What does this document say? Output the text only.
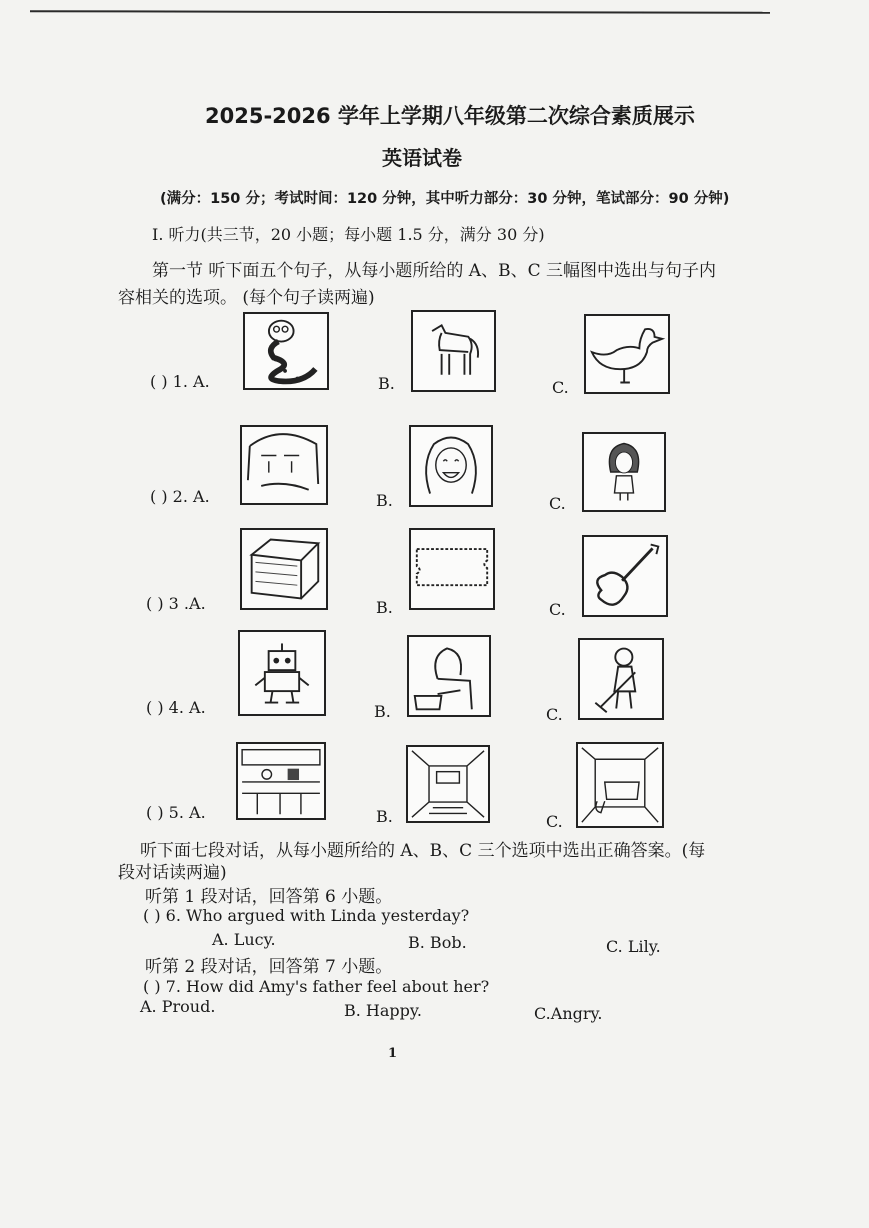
2025-2026 学年上学期八年级第二次综合素质展示
英语试卷
(满分：150 分；考试时间：120 分钟，其中听力部分：30 分钟，笔试部分：90 分钟)
I. 听力(共三节，20 小题；每小题 1.5 分，满分 30 分)
第一节 听下面五个句子，从每小题所给的 A、B、C 三幅图中选出与句子内
容相关的选项。 (每个句子读两遍)
( ) 1. A.	B.	C.
( ) 2. A.	B.	C.
( ) 3 .A.	B.	C.
( ) 4. A.	B.	C.
( ) 5. A.	B.	C.
听下面七段对话，从每小题所给的 A、B、C 三个选项中选出正确答案。(每
段对话读两遍)
听第 1 段对话，回答第 6 小题。
( ) 6. Who argued with Linda yesterday?
A. Lucy.	B. Bob.	C. Lily.
听第 2 段对话，回答第 7 小题。
( ) 7. How did Amy's father feel about her?
A. Proud.	B. Happy.	C.Angry.
1
